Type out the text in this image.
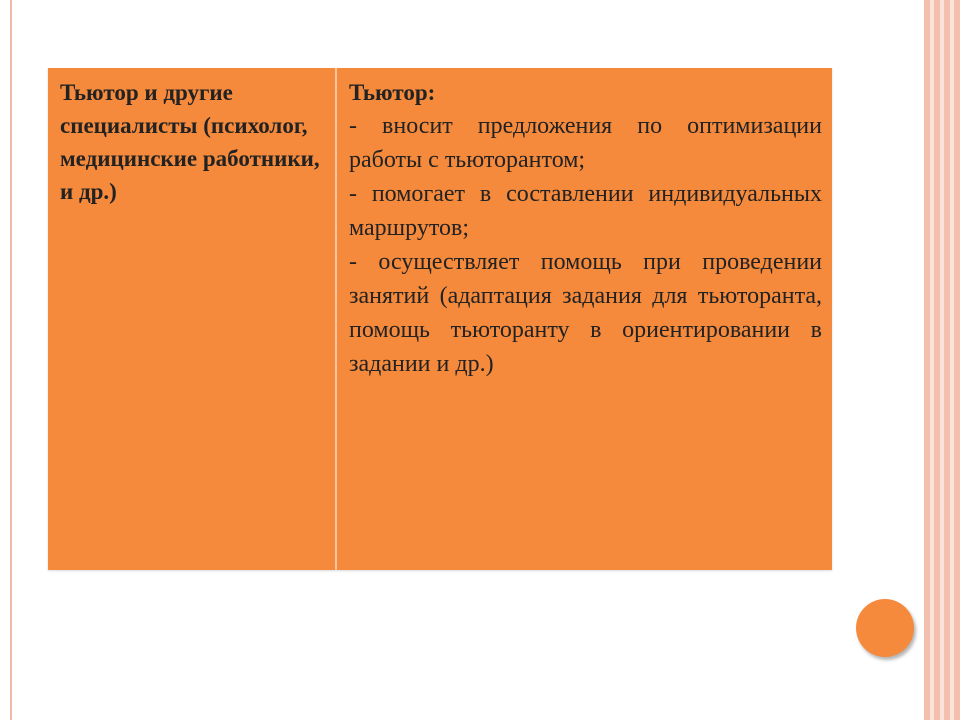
Тьютор и другие специалисты (психолог, медицинские работники, и др.)

Тьютор:

- вносит предложения по оптимизации работы с тьюторантом;

- помогает в составлении индивидуальных маршрутов;

- осуществляет помощь при проведении занятий (адаптация задания для тьюторанта, помощь тьюторанту в ориентировании в задании и др.)
